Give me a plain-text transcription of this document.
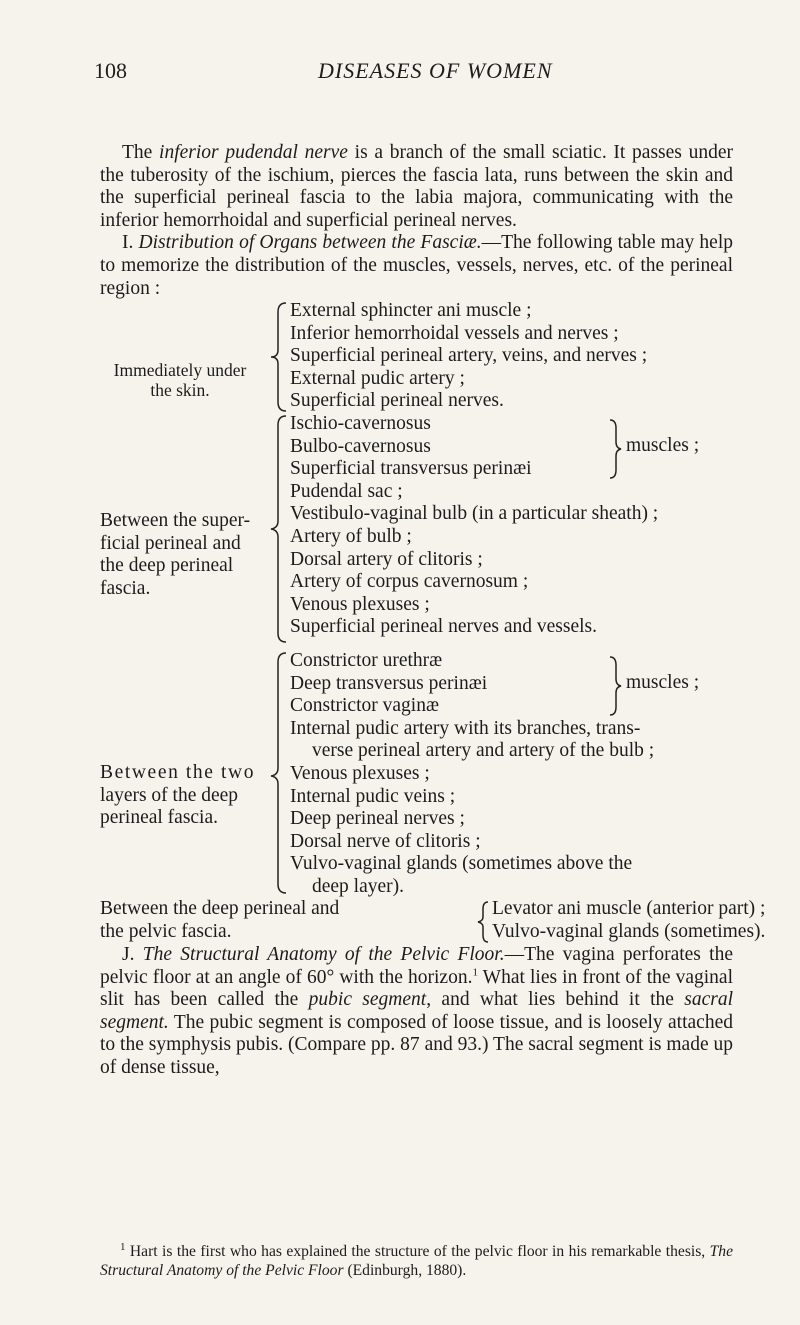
108	DISEASES OF WOMEN

The inferior pudendal nerve is a branch of the small sciatic. It passes under the tuberosity of the ischium, pierces the fascia lata, runs between the skin and the superficial perineal fascia to the labia majora, communicating with the inferior hemorrhoidal and superficial perineal nerves.

I. Distribution of Organs between the Fasciæ.—The following table may help to memorize the distribution of the muscles, vessels, nerves, etc. of the perineal region :

Immediately under
the skin.
External sphincter ani muscle ;
Inferior hemorrhoidal vessels and nerves ;
Superficial perineal artery, veins, and nerves ;
External pudic artery ;
Superficial perineal nerves.
Between the super-
ficial perineal and
the deep perineal
fascia.
Ischio-cavernosus
Bulbo-cavernosus
Superficial transversus perinæi
Pudendal sac ;
Vestibulo-vaginal bulb (in a particular sheath) ;
Artery of bulb ;
Dorsal artery of clitoris ;
Artery of corpus cavernosum ;
Venous plexuses ;
Superficial perineal nerves and vessels.
muscles ;
Between the two
layers of the deep
perineal fascia.
Constrictor urethræ
Deep transversus perinæi
Constrictor vaginæ
Internal pudic artery with its branches, trans-
verse perineal artery and artery of the bulb ;
Venous plexuses ;
Internal pudic veins ;
Deep perineal nerves ;
Dorsal nerve of clitoris ;
Vulvo-vaginal glands (sometimes above the
deep layer).
muscles ;
Between the deep perineal and
the pelvic fascia.
Levator ani muscle (anterior part) ;
Vulvo-vaginal glands (sometimes).

J. The Structural Anatomy of the Pelvic Floor.—The vagina perforates the pelvic floor at an angle of 60° with the horizon.$^1$ What lies in front of the vaginal slit has been called the pubic segment, and what lies behind it the sacral segment. The pubic segment is composed of loose tissue, and is loosely attached to the symphysis pubis. (Compare pp. 87 and 93.) The sacral segment is made up of dense tissue,

$^1$ Hart is the first who has explained the structure of the pelvic floor in his remarkable thesis, The Structural Anatomy of the Pelvic Floor (Edinburgh, 1880).
